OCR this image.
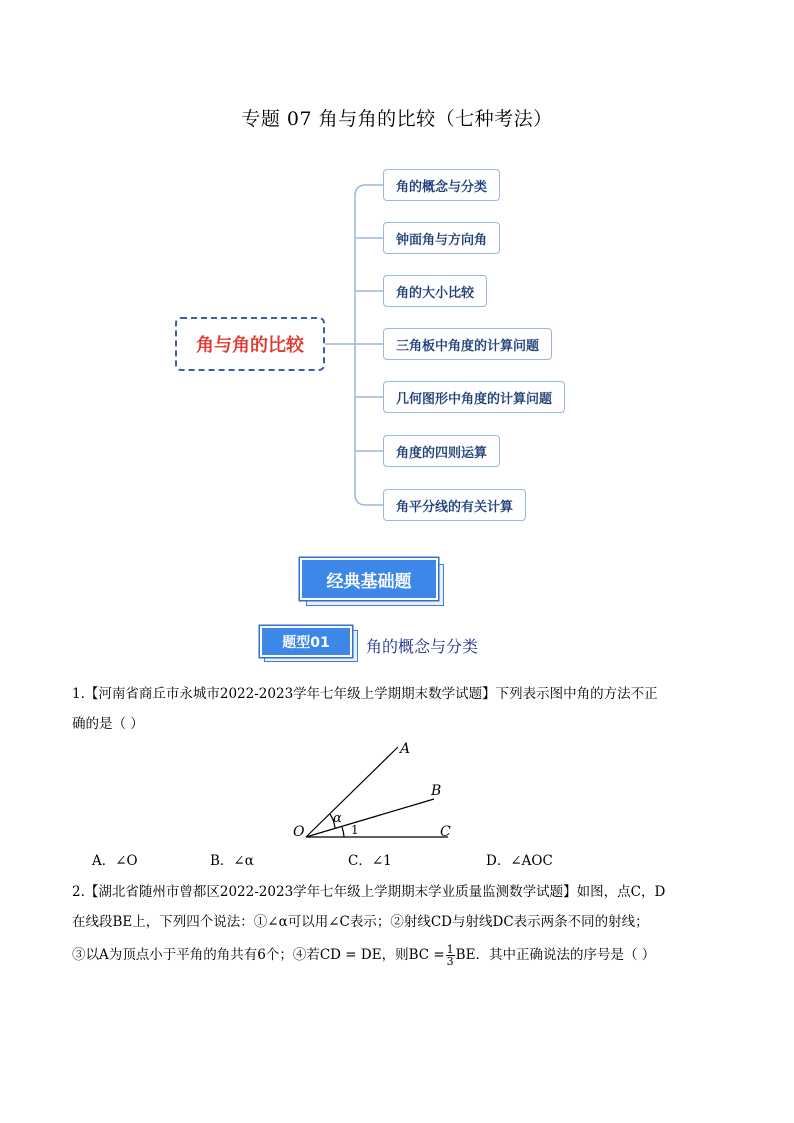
专题 07 角与角的比较（七种考法）
角与角的比较
角的概念与分类
钟面角与方向角
角的大小比较
三角板中角度的计算问题
几何图形中角度的计算问题
角度的四则运算
角平分线的有关计算
经典基础题
题型01	角的概念与分类
1.【河南省商丘市永城市2022-2023学年七年级上学期期末数学试题】下列表示图中角的方法不正
确的是（ ）
A
B
C
O
α
1
A．∠O	B．∠α	C．∠1	D．∠AOC
2.【湖北省随州市曾都区2022-2023学年七年级上学期期末学业质量监测数学试题】如图，点C，D
在线段BE上，下列四个说法：①∠α可以用∠C表示；②射线CD与射线DC表示两条不同的射线；
③以A为顶点小于平角的角共有6个；④若CD = DE，则BC = $\frac{1}{3}$ BE．其中正确说法的序号是（ ）
